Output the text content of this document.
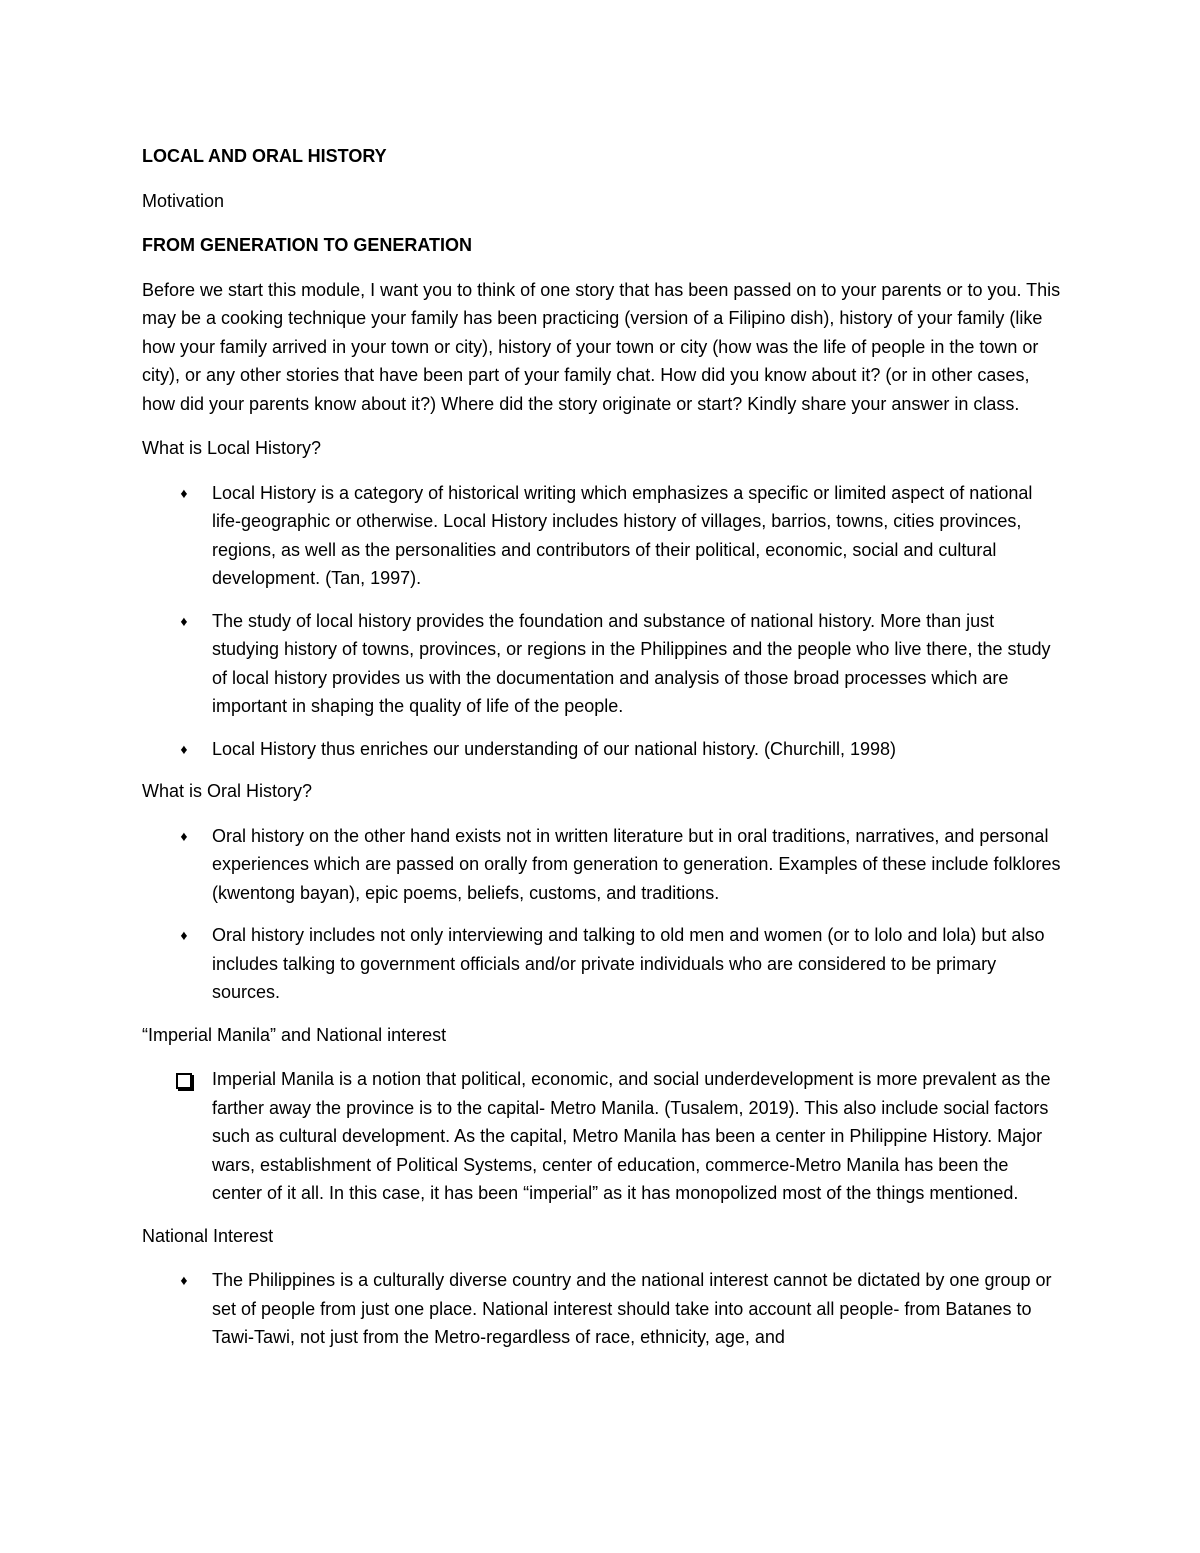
LOCAL AND ORAL HISTORY

Motivation

FROM GENERATION TO GENERATION

Before we start this module, I want you to think of one story that has been passed on to your parents or to you. This may be a cooking technique your family has been practicing (version of a Filipino dish), history of your family (like how your family arrived in your town or city), history of your town or city (how was the life of people in the town or city), or any other stories that have been part of your family chat. How did you know about it? (or in other cases, how did your parents know about it?) Where did the story originate or start? Kindly share your answer in class.

What is Local History?

♦	Local History is a category of historical writing which emphasizes a specific or limited aspect of national life-geographic or otherwise. Local History includes history of villages, barrios, towns, cities provinces, regions, as well as the personalities and contributors of their political, economic, social and cultural development. (Tan, 1997).
♦	The study of local history provides the foundation and substance of national history. More than just studying history of towns, provinces, or regions in the Philippines and the people who live there, the study of local history provides us with the documentation and analysis of those broad processes which are important in shaping the quality of life of the people.
♦	Local History thus enriches our understanding of our national history. (Churchill, 1998)

What is Oral History?

♦	Oral history on the other hand exists not in written literature but in oral traditions, narratives, and personal experiences which are passed on orally from generation to generation. Examples of these include folklores (kwentong bayan), epic poems, beliefs, customs, and traditions.
♦	Oral history includes not only interviewing and talking to old men and women (or to lolo and lola) but also includes talking to government officials and/or private individuals who are considered to be primary sources.

“Imperial Manila” and National interest

Imperial Manila is a notion that political, economic, and social underdevelopment is more prevalent as the farther away the province is to the capital- Metro Manila. (Tusalem, 2019). This also include social factors such as cultural development. As the capital, Metro Manila has been a center in Philippine History. Major wars, establishment of Political Systems, center of education, commerce-Metro Manila has been the center of it all. In this case, it has been “imperial” as it has monopolized most of the things mentioned.

National Interest

♦	The Philippines is a culturally diverse country and the national interest cannot be dictated by one group or set of people from just one place. National interest should take into account all people- from Batanes to Tawi-Tawi, not just from the Metro-regardless of race, ethnicity, age, and
